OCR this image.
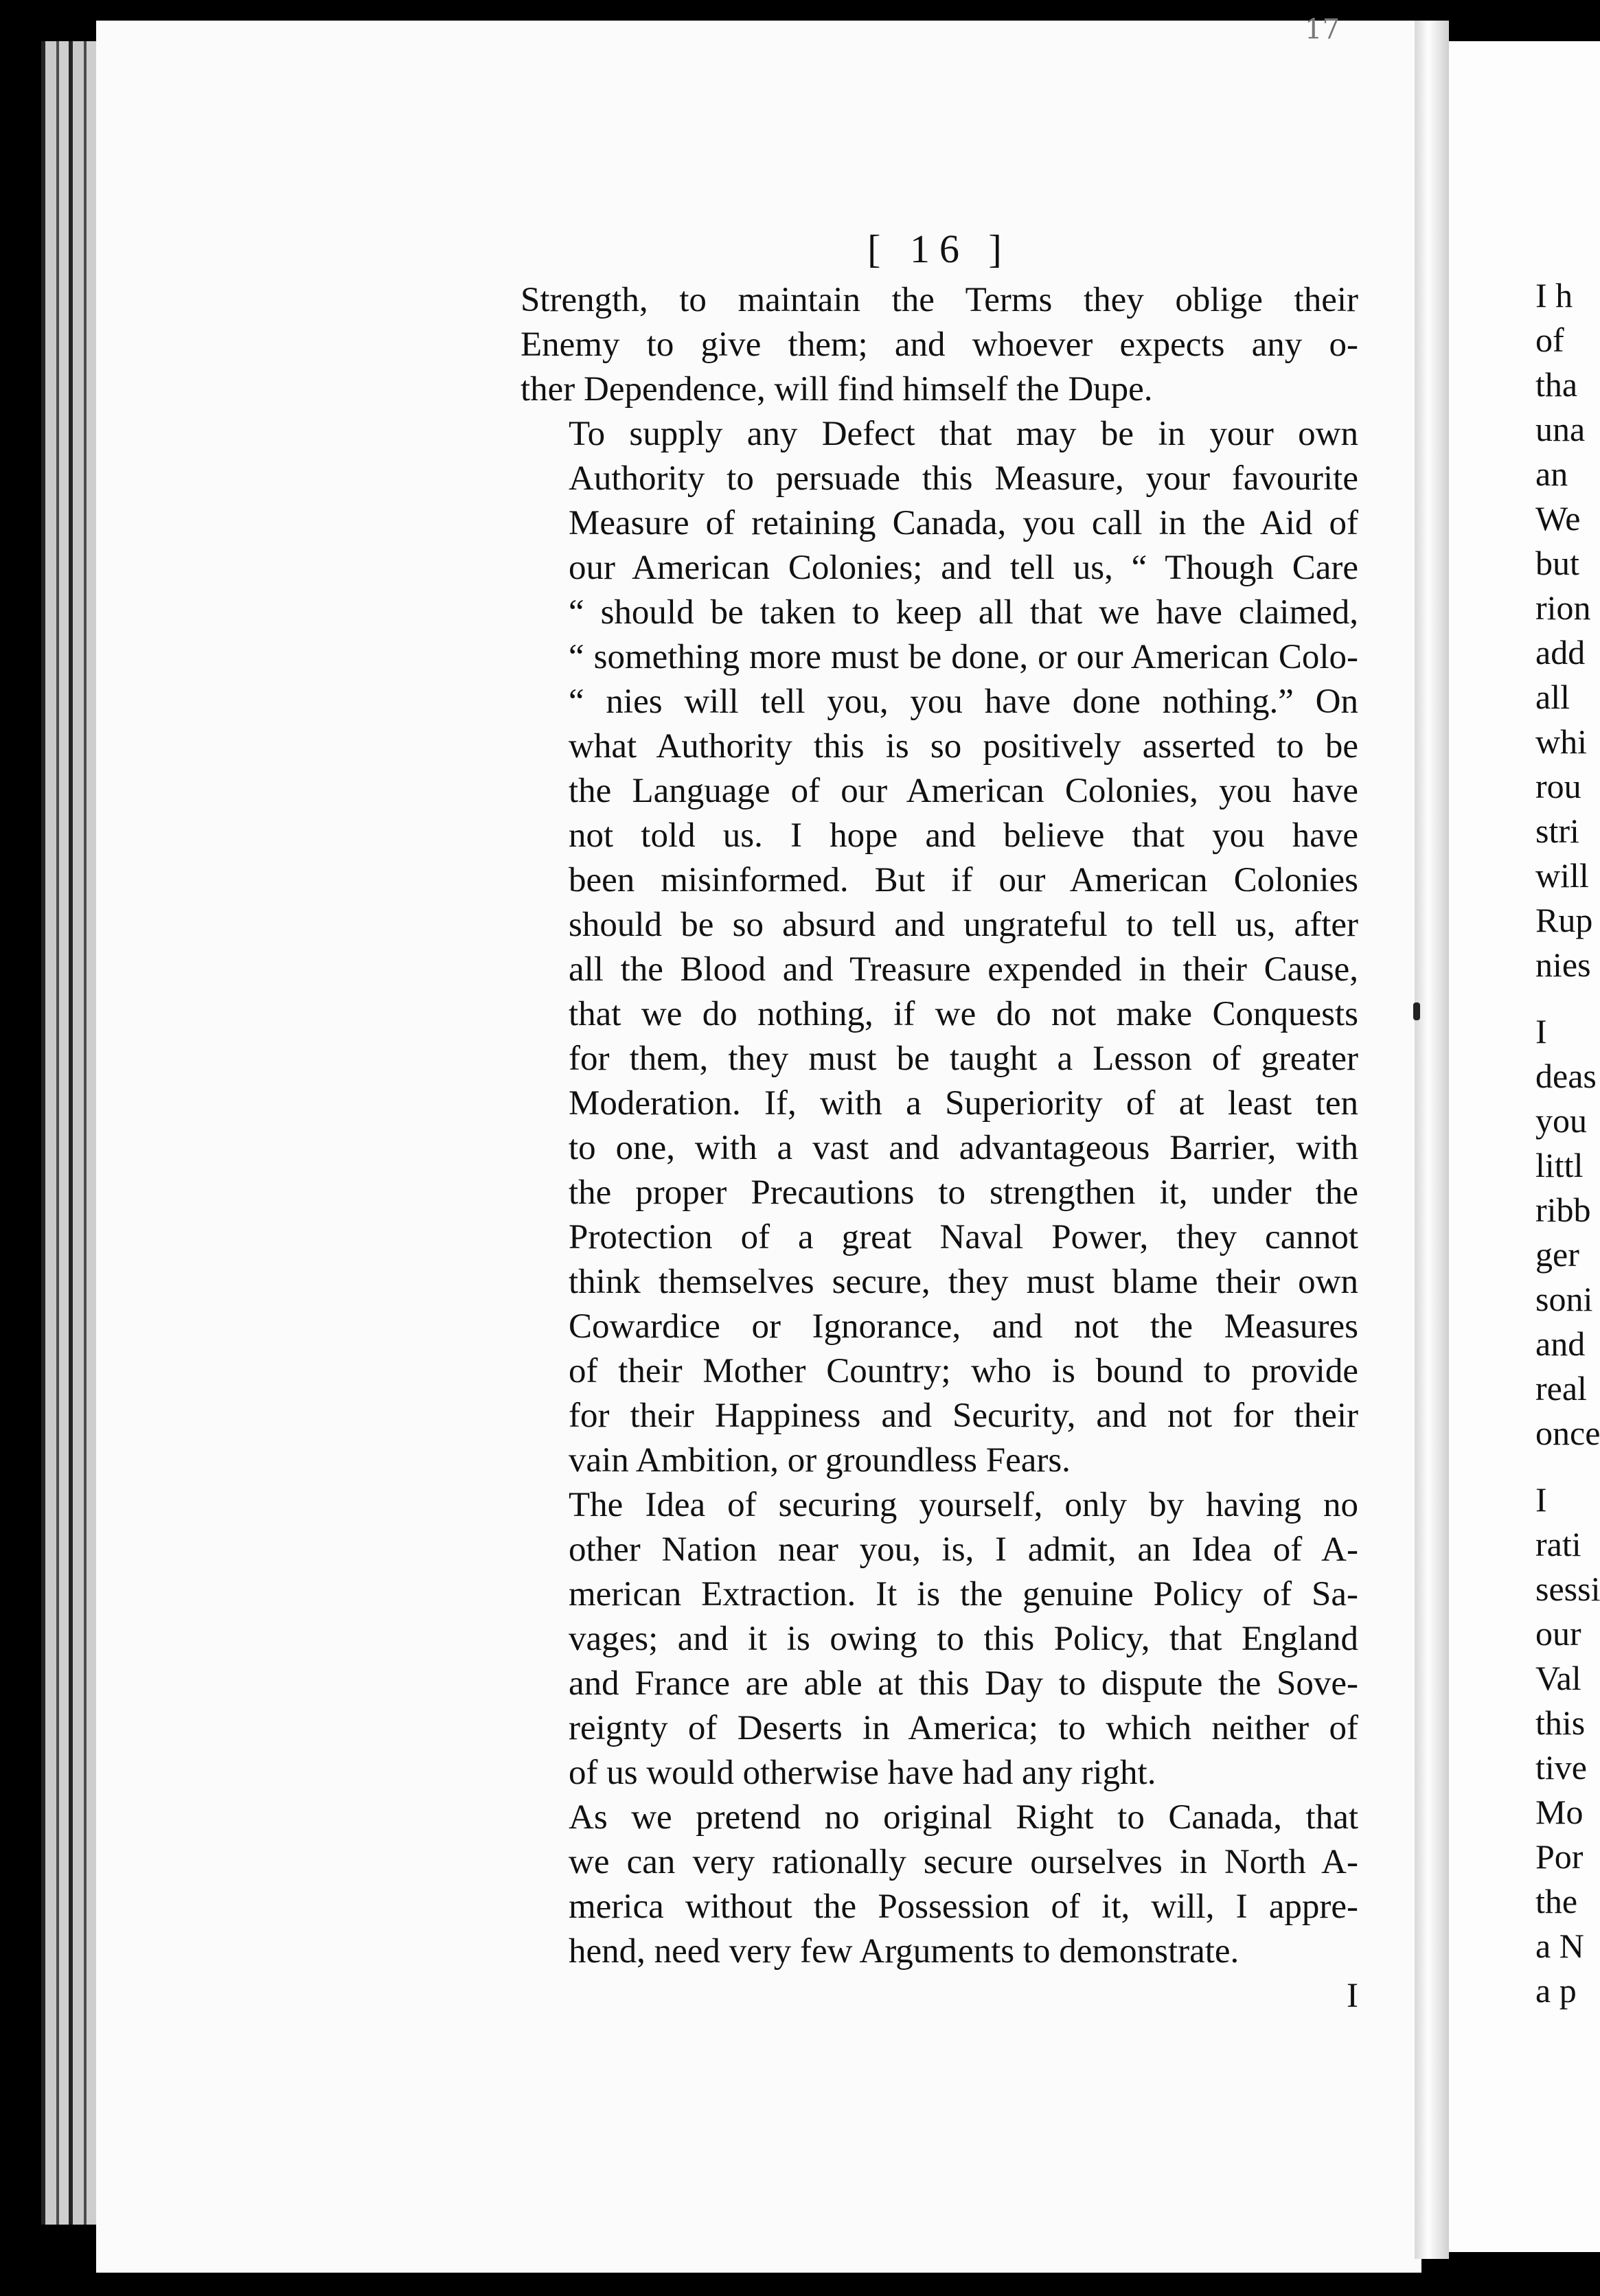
17
[ 16 ]
Strength, to maintain the Terms they oblige their
Enemy to give them; and whoever expects any o-
ther Dependence, will find himself the Dupe.
To supply any Defect that may be in your own
Authority to persuade this Measure, your favourite
Measure of retaining Canada, you call in the Aid of
our American Colonies; and tell us, “ Though Care
“ should be taken to keep all that we have claimed,
“ something more must be done, or our American Colo-
“ nies will tell you, you have done nothing.” On
what Authority this is so positively asserted to be
the Language of our American Colonies, you have
not told us. I hope and believe that you have
been misinformed. But if our American Colonies
should be so absurd and ungrateful to tell us, after
all the Blood and Treasure expended in their Cause,
that we do nothing, if we do not make Conquests
for them, they must be taught a Lesson of greater
Moderation. If, with a Superiority of at least ten
to one, with a vast and advantageous Barrier, with
the proper Precautions to strengthen it, under the
Protection of a great Naval Power, they cannot
think themselves secure, they must blame their own
Cowardice or Ignorance, and not the Measures
of their Mother Country; who is bound to provide
for their Happiness and Security, and not for their
vain Ambition, or groundless Fears.
The Idea of securing yourself, only by having no
other Nation near you, is, I admit, an Idea of A-
merican Extraction. It is the genuine Policy of Sa-
vages; and it is owing to this Policy, that England
and France are able at this Day to dispute the Sove-
reignty of Deserts in America; to which neither of
of us would otherwise have had any right.
As we pretend no original Right to Canada, that
we can very rationally secure ourselves in North A-
merica without the Possession of it, will, I appre-
hend, need very few Arguments to demonstrate.
I
I h
of
tha
una
an
We
but
rion
add
all
whi
rou
stri
will
Rup
nies
I
deas
you
littl
ribb
ger
soni
and
real
once
I
rati
sessi
our
Val
this
tive
Mo
Por
the
a N
a p
